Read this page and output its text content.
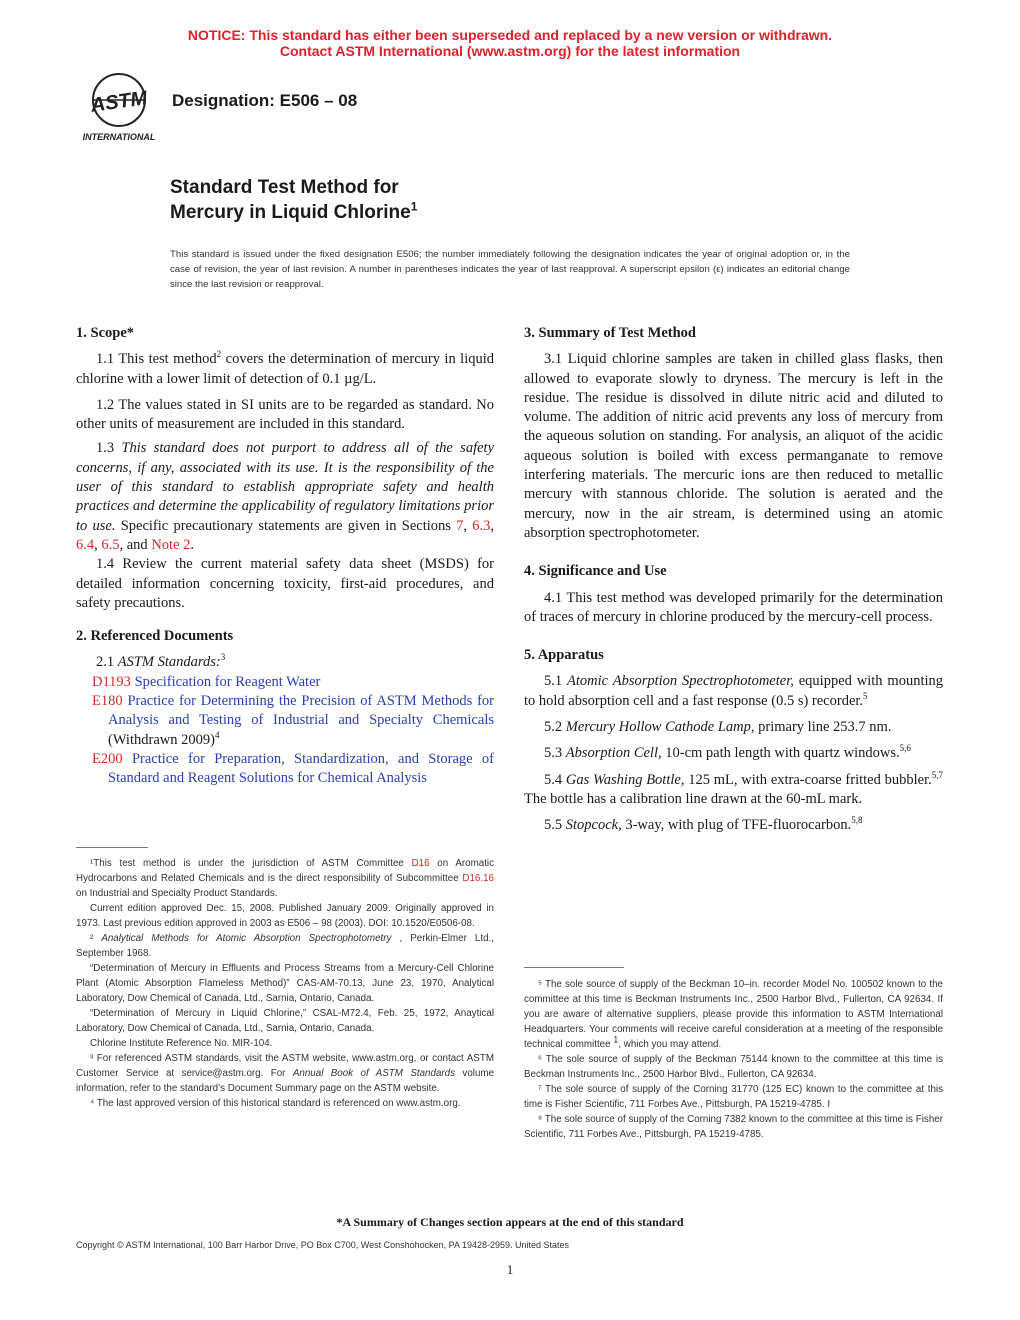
NOTICE: This standard has either been superseded and replaced by a new version or withdrawn.
Contact ASTM International (www.astm.org) for the latest information
ASTM
INTERNATIONAL
Designation: E506 – 08
Standard Test Method for
Mercury in Liquid Chlorine$^1$
This standard is issued under the fixed designation E506; the number immediately following the designation indicates the year of original adoption or, in the case of revision, the year of last revision. A number in parentheses indicates the year of last reapproval. A superscript epsilon (ε) indicates an editorial change since the last revision or reapproval.

1. Scope*

1.1 This test method$^2$ covers the determination of mercury in liquid chlorine with a lower limit of detection of 0.1 µg/L.

1.2 The values stated in SI units are to be regarded as standard. No other units of measurement are included in this standard.

1.3 This standard does not purport to address all of the safety concerns, if any, associated with its use. It is the responsibility of the user of this standard to establish appropriate safety and health practices and determine the applicability of regulatory limitations prior to use. Specific precautionary statements are given in Sections 7, 6.3, 6.4, 6.5, and Note 2.

1.4 Review the current material safety data sheet (MSDS) for detailed information concerning toxicity, first-aid procedures, and safety precautions.

2. Referenced Documents

2.1 ASTM Standards:$^3$

D1193 Specification for Reagent Water

E180 Practice for Determining the Precision of ASTM Methods for Analysis and Testing of Industrial and Specialty Chemicals (Withdrawn 2009)$^4$

E200 Practice for Preparation, Standardization, and Storage of Standard and Reagent Solutions for Chemical Analysis

¹This test method is under the jurisdiction of ASTM Committee D16 on Aromatic Hydrocarbons and Related Chemicals and is the direct responsibility of Subcommittee D16.16 on Industrial and Specialty Product Standards.

Current edition approved Dec. 15, 2008. Published January 2009. Originally approved in 1973. Last previous edition approved in 2003 as E506 – 98 (2003). DOI: 10.1520/E0506-08.

² Analytical Methods for Atomic Absorption Spectrophotometry , Perkin-Elmer Ltd., September 1968.

“Determination of Mercury in Effluents and Process Streams from a Mercury-Cell Chlorine Plant (Atomic Absorption Flameless Method)” CAS-AM-70.13, June 23, 1970, Analytical Laboratory, Dow Chemical of Canada, Ltd., Sarnia, Ontario, Canada.

“Determination of Mercury in Liquid Chlorine,” CSAL-M72.4, Feb. 25, 1972, Anaytical Laboratory, Dow Chemical of Canada, Ltd., Sarnia, Ontario, Canada.

Chlorine Institute Reference No. MIR-104.

³ For referenced ASTM standards, visit the ASTM website, www.astm.org, or contact ASTM Customer Service at service@astm.org. For Annual Book of ASTM Standards volume information, refer to the standard’s Document Summary page on the ASTM website.

⁴ The last approved version of this historical standard is referenced on www.astm.org.

3. Summary of Test Method

3.1 Liquid chlorine samples are taken in chilled glass flasks, then allowed to evaporate slowly to dryness. The mercury is left in the residue. The residue is dissolved in dilute nitric acid and diluted to volume. The addition of nitric acid prevents any loss of mercury from the aqueous solution on standing. For analysis, an aliquot of the acidic aqueous solution is boiled with excess permanganate to remove interfering materials. The mercuric ions are then reduced to metallic mercury with stannous chloride. The solution is aerated and the mercury, now in the air stream, is determined using an atomic absorption spectrophotometer.

4. Significance and Use

4.1 This test method was developed primarily for the determination of traces of mercury in chlorine produced by the mercury-cell process.

5. Apparatus

5.1 Atomic Absorption Spectrophotometer, equipped with mounting to hold absorption cell and a fast response (0.5 s) recorder.$^5$

5.2 Mercury Hollow Cathode Lamp, primary line 253.7 nm.

5.3 Absorption Cell, 10-cm path length with quartz windows.$^{5,6}$

5.4 Gas Washing Bottle, 125 mL, with extra-coarse fritted bubbler.$^{5,7}$ The bottle has a calibration line drawn at the 60-mL mark.

5.5 Stopcock, 3-way, with plug of TFE-fluorocarbon.$^{5,8}$

⁵ The sole source of supply of the Beckman 10–in. recorder Model No. 100502 known to the committee at this time is Beckman Instruments Inc., 2500 Harbor Blvd., Fullerton, CA 92634. If you are aware of alternative suppliers, please provide this information to ASTM International Headquarters. Your comments will receive careful consideration at a meeting of the responsible technical committee $^1$, which you may attend.

⁶ The sole source of supply of the Beckman 75144 known to the committee at this time is Beckman Instruments Inc., 2500 Harbor Blvd., Fullerton, CA 92634.

⁷ The sole source of supply of the Corning 31770 (125 EC) known to the committee at this time is Fisher Scientific, 711 Forbes Ave., Pittsburgh, PA 15219-4785. I

⁸ The sole source of supply of the Corning 7382 known to the committee at this time is Fisher Scientific, 711 Forbes Ave., Pittsburgh, PA 15219-4785.

*A Summary of Changes section appears at the end of this standard
Copyright © ASTM International, 100 Barr Harbor Drive, PO Box C700, West Conshohocken, PA 19428-2959. United States
1
